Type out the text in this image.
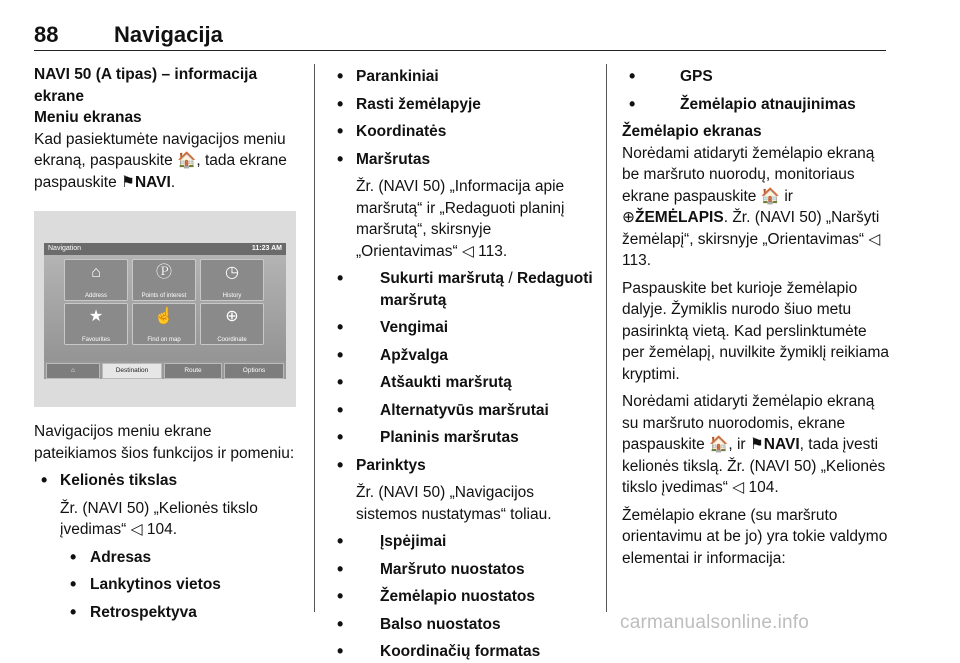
88	Navigacija

NAVI 50 (A tipas) – informacija ekrane

Meniu ekranas

Kad pasiektumėte navigacijos meniu ekraną, paspauskite 🏠, tada ekrane paspauskite ⚑NAVI.

Navigation	11:23 AM
⌂
Address
Ⓟ
Points of interest
◷
History
★
Favourites
☝
Find on map
⊕
Coordinate
⌂	Destination	Route	Options

Navigacijos meniu ekrane pateikiamos šios funkcijos ir pomeniu:

• Kelionės tikslas

Žr. (NAVI 50) „Kelionės tikslo įvedimas“ ◁ 104.

• Adresas
• Lankytinos vietos
• Retrospektyva
• Parankiniai
• Rasti žemėlapyje
• Koordinatės
• Maršrutas

Žr. (NAVI 50) „Informacija apie maršrutą“ ir „Redaguoti planinį maršrutą“, skirsnyje „Orientavimas“ ◁ 113.

• Sukurti maršrutą / Redaguoti maršrutą
• Vengimai
• Apžvalga
• Atšaukti maršrutą
• Alternatyvūs maršrutai
• Planinis maršrutas
• Parinktys

Žr. (NAVI 50) „Navigacijos sistemos nustatymas“ toliau.

• Įspėjimai
• Maršruto nuostatos
• Žemėlapio nuostatos
• Balso nuostatos
• Koordinačių formatas
• GPS
• Žemėlapio atnaujinimas

Žemėlapio ekranas

Norėdami atidaryti žemėlapio ekraną be maršruto nuorodų, monitoriaus ekrane paspauskite 🏠 ir ⊕ŽEMĖLAPIS. Žr. (NAVI 50) „Naršyti žemėlapį“, skirsnyje „Orientavimas“ ◁ 113.

Paspauskite bet kurioje žemėlapio dalyje. Žymiklis nurodo šiuo metu pasirinktą vietą. Kad perslinktumėte per žemėlapį, nuvilkite žymiklį reikiama kryptimi.

Norėdami atidaryti žemėlapio ekraną su maršruto nuorodomis, ekrane paspauskite 🏠, ir ⚑NAVI, tada įvesti kelionės tikslą. Žr. (NAVI 50) „Kelionės tikslo įvedimas“ ◁ 104.

Žemėlapio ekrane (su maršruto orientavimu at be jo) yra tokie valdymo elementai ir informacija:

carmanualsonline.info
